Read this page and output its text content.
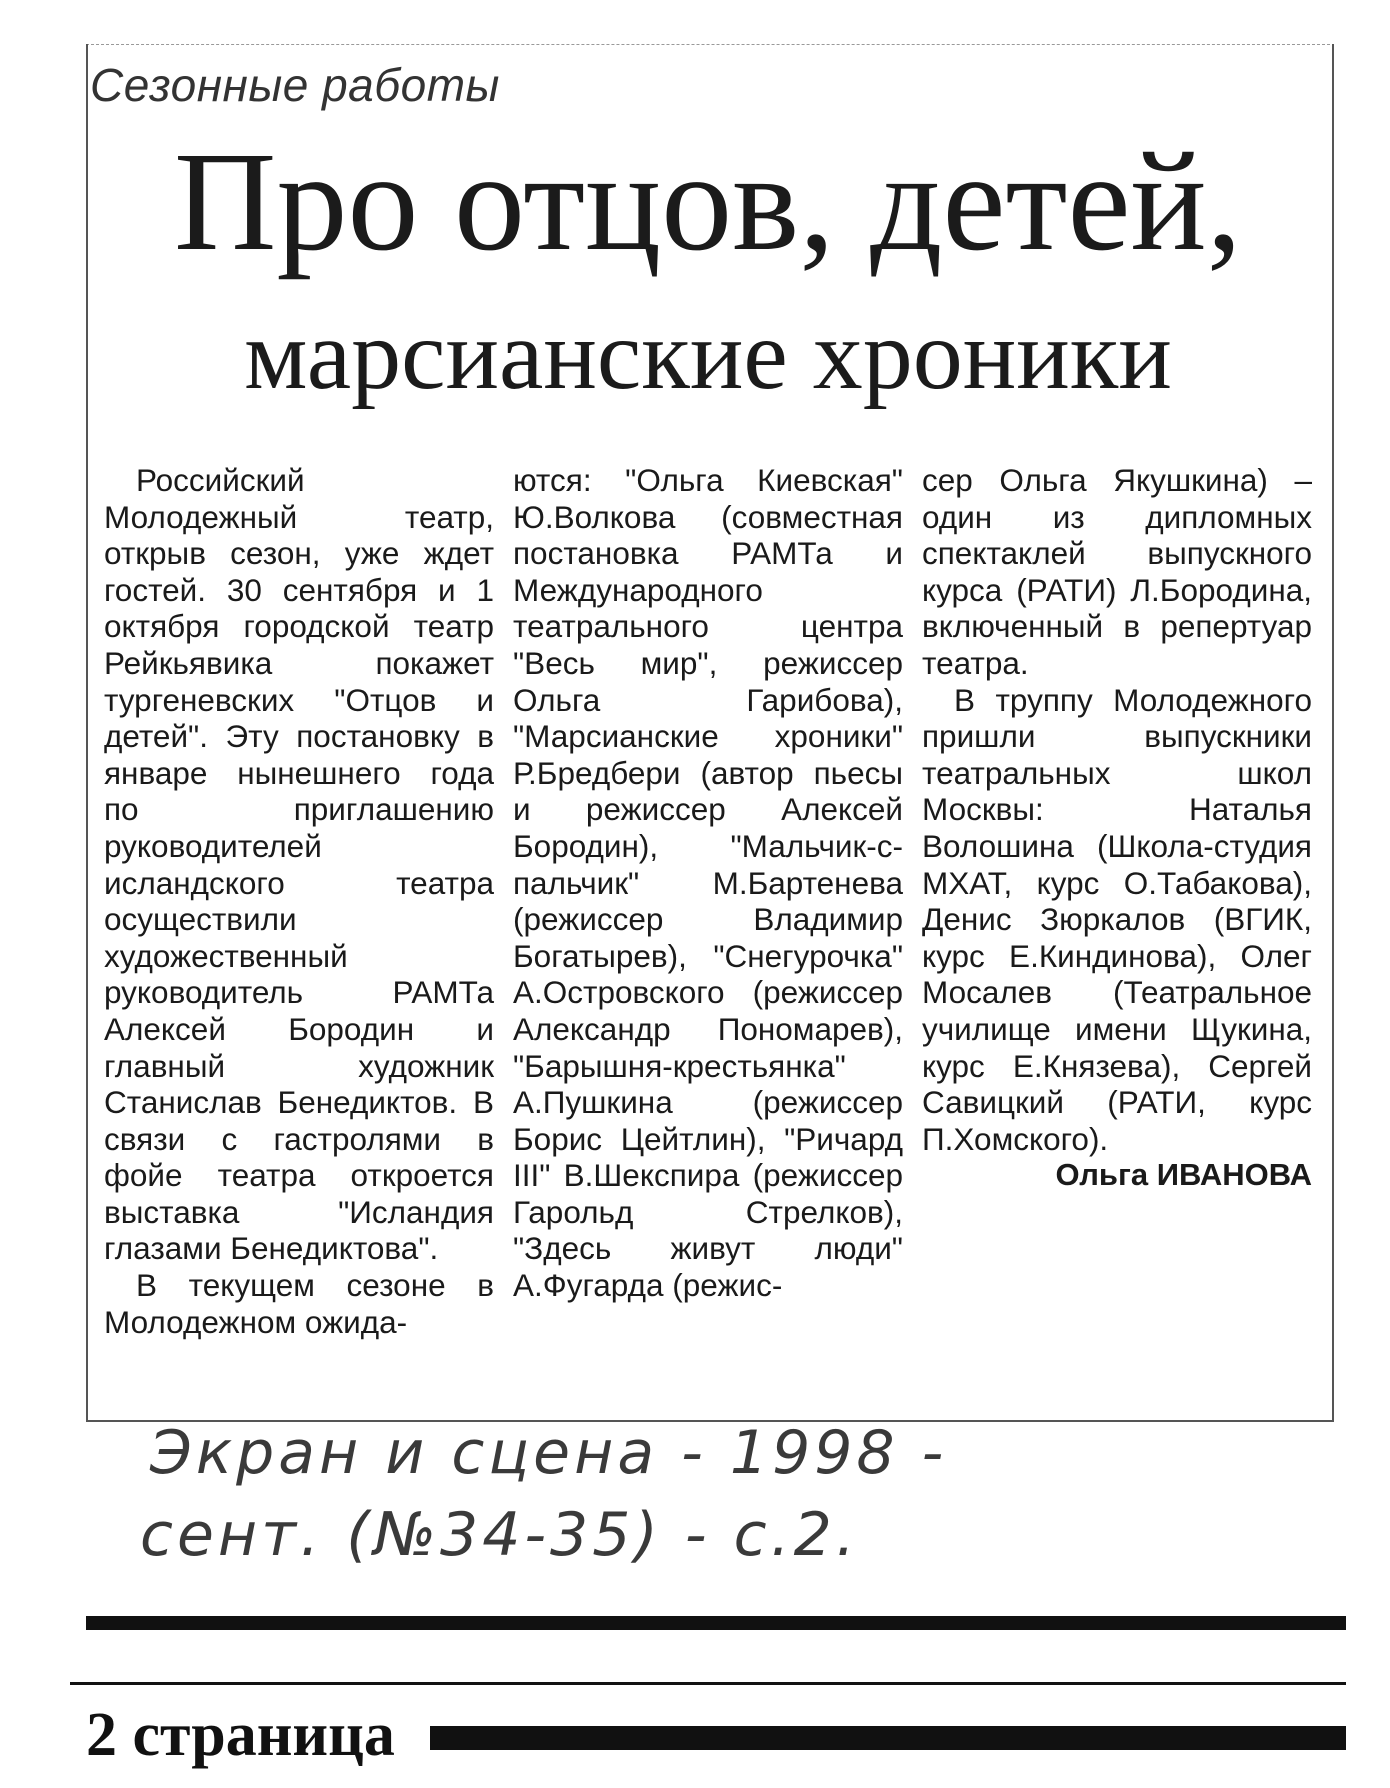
Сезонные работы
Про отцов, детей,
марсианские хроники

Российский Молодежный театр, открыв сезон, уже ждет гостей. 30 сентября и 1 октября городской театр Рейкьявика покажет тургеневских "Отцов и детей". Эту постановку в январе нынешнего года по приглашению руководителей исландского театра осуществили художественный руководитель РАМТа Алексей Бородин и главный художник Станислав Бенедиктов. В связи с гастролями в фойе театра откроется выставка "Исландия глазами Бенедиктова".

В текущем сезоне в Молодежном ожида-

ются: "Ольга Киевская" Ю.Волкова (совместная постановка РАМТа и Международного театрального центра "Весь мир", режиссер Ольга Гарибова), "Марсианские хроники" Р.Бредбери (автор пьесы и режиссер Алексей Бородин), "Мальчик-с-пальчик" М.Бартенева (режиссер Владимир Богатырев), "Снегурочка" А.Островского (режиссер Александр Пономарев), "Барышня-крестьянка" А.Пушкина (режиссер Борис Цейтлин), "Ричард III" В.Шекспира (режиссер Гарольд Стрелков), "Здесь живут люди" А.Фугарда (режис-

сер Ольга Якушкина) – один из дипломных спектаклей выпускного курса (РАТИ) Л.Бородина, включенный в репертуар театра.

В труппу Молодежного пришли выпускники театральных школ Москвы: Наталья Волошина (Школа-студия МХАТ, курс О.Табакова), Денис Зюркалов (ВГИК, курс Е.Киндинова), Олег Мосалев (Театральное училище имени Щукина, курс Е.Князева), Сергей Савицкий (РАТИ, курс П.Хомского).

Ольга ИВАНОВА

Экран и сцена - 1998 -
сент. (№34-35) - с.2.
2 страница
